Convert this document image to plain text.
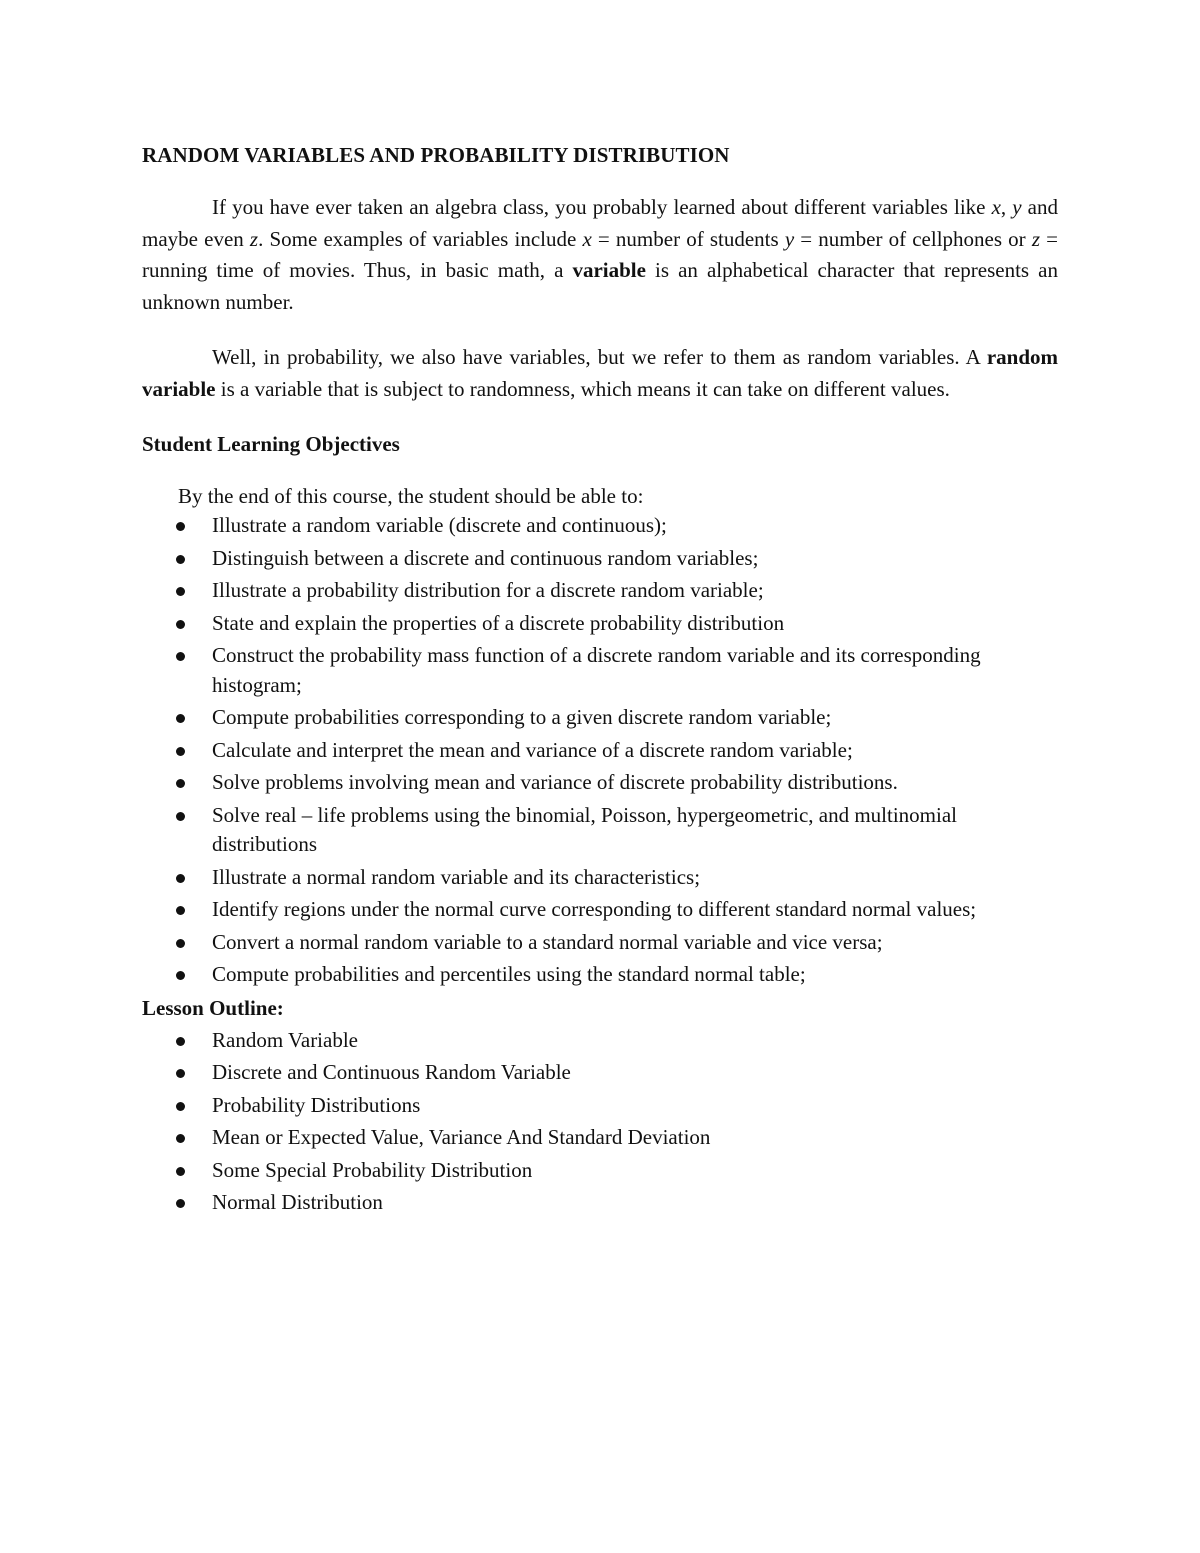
RANDOM VARIABLES AND PROBABILITY DISTRIBUTION

If you have ever taken an algebra class, you probably learned about different variables like x, y and maybe even z. Some examples of variables include x = number of students y = number of cellphones or z = running time of movies. Thus, in basic math, a variable is an alphabetical character that represents an unknown number.

Well, in probability, we also have variables, but we refer to them as random variables. A random variable is a variable that is subject to randomness, which means it can take on different values.

Student Learning Objectives
By the end of this course, the student should be able to:
Illustrate a random variable (discrete and continuous);
Distinguish between a discrete and continuous random variables;
Illustrate a probability distribution for a discrete random variable;
State and explain the properties of a discrete probability distribution
Construct the probability mass function of a discrete random variable and its corresponding histogram;
Compute probabilities corresponding to a given discrete random variable;
Calculate and interpret the mean and variance of a discrete random variable;
Solve problems involving mean and variance of discrete probability distributions.
Solve real – life problems using the binomial, Poisson, hypergeometric, and multinomial distributions
Illustrate a normal random variable and its characteristics;
Identify regions under the normal curve corresponding to different standard normal values;
Convert a normal random variable to a standard normal variable and vice versa;
Compute probabilities and percentiles using the standard normal table;
Lesson Outline:
Random Variable
Discrete and Continuous Random Variable
Probability Distributions
Mean or Expected Value, Variance And Standard Deviation
Some Special Probability Distribution
Normal Distribution
